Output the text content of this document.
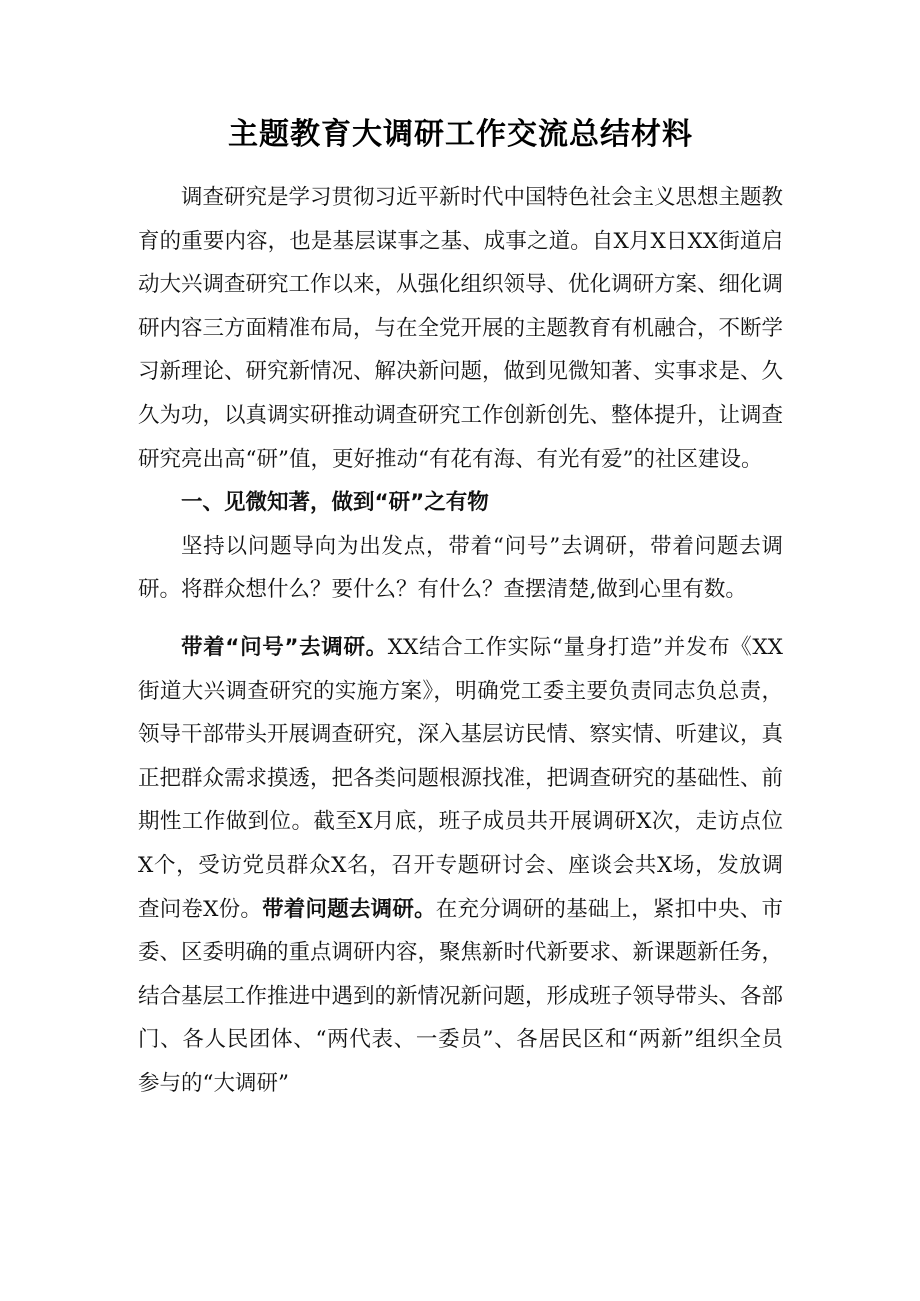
主题教育大调研工作交流总结材料

调查研究是学习贯彻习近平新时代中国特色社会主义思想主题教育的重要内容，也是基层谋事之基、成事之道。自X月X日XX街道启动大兴调查研究工作以来，从强化组织领导、优化调研方案、细化调研内容三方面精准布局，与在全党开展的主题教育有机融合，不断学习新理论、研究新情况、解决新问题，做到见微知著、实事求是、久久为功，以真调实研推动调查研究工作创新创先、整体提升，让调查研究亮出高“研”值，更好推动“有花有海、有光有爱”的社区建设。

一、见微知著，做到“研”之有物

坚持以问题导向为出发点，带着“问号”去调研，带着问题去调研。将群众想什么？要什么？有什么？查摆清楚,做到心里有数。

带着“问号”去调研。XX结合工作实际“量身打造”并发布《XX街道大兴调查研究的实施方案》，明确党工委主要负责同志负总责，领导干部带头开展调查研究，深入基层访民情、察实情、听建议，真正把群众需求摸透，把各类问题根源找准，把调查研究的基础性、前期性工作做到位。截至X月底，班子成员共开展调研X次，走访点位X个，受访党员群众X名，召开专题研讨会、座谈会共X场，发放调查问卷X份。带着问题去调研。在充分调研的基础上，紧扣中央、市委、区委明确的重点调研内容，聚焦新时代新要求、新课题新任务，结合基层工作推进中遇到的新情况新问题，形成班子领导带头、各部门、各人民团体、“两代表、一委员”、各居民区和“两新”组织全员参与的“大调研”
